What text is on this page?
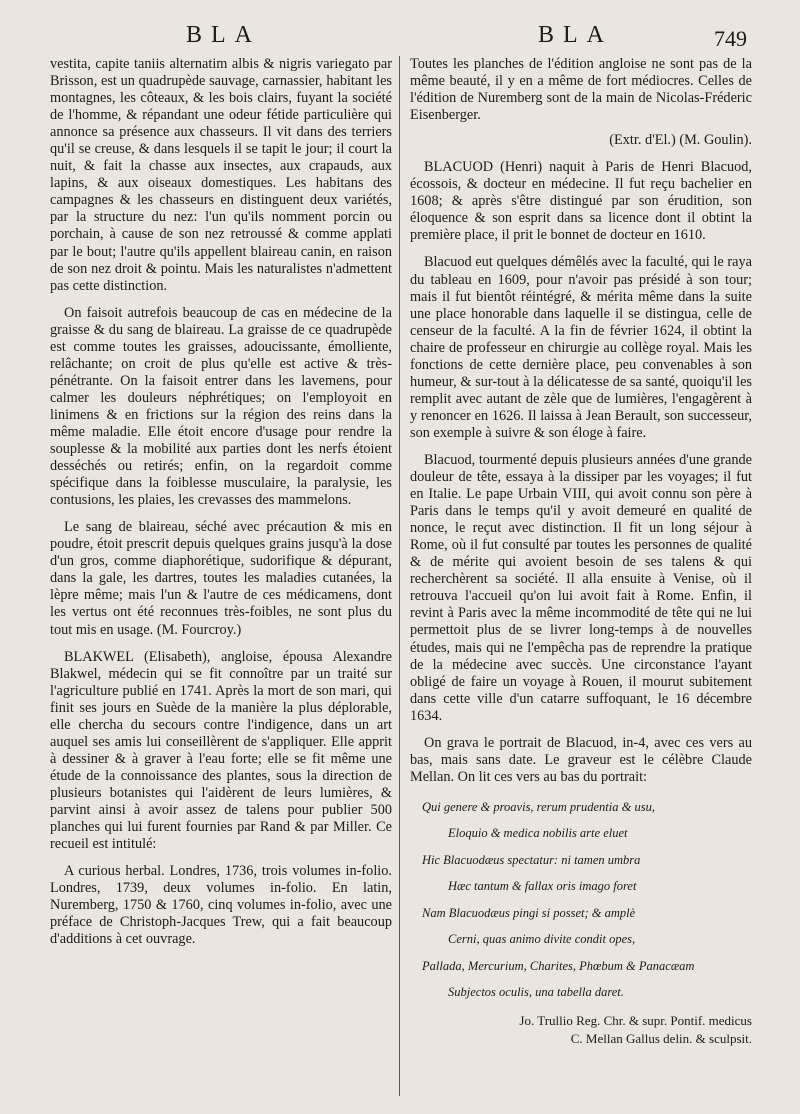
BLA	BLA	749

vestita, capite taniis alternatim albis & nigris variegato par Brisson, est un quadrupède sauvage, carnassier, habitant les montagnes, les côteaux, & les bois clairs, fuyant la société de l'homme, & répandant une odeur fétide particulière qui annonce sa présence aux chasseurs. Il vit dans des terriers qu'il se creuse, & dans lesquels il se tapit le jour; il court la nuit, & fait la chasse aux insectes, aux crapauds, aux lapins, & aux oiseaux domestiques. Les habitans des campagnes & les chasseurs en distinguent deux variétés, par la structure du nez: l'un qu'ils nomment porcin ou porchain, à cause de son nez retroussé & comme applati par le bout; l'autre qu'ils appellent blaireau canin, en raison de son nez droit & pointu. Mais les naturalistes n'admettent pas cette distinction.

On faisoit autrefois beaucoup de cas en médecine de la graisse & du sang de blaireau. La graisse de ce quadrupède est comme toutes les graisses, adoucissante, émolliente, relâchante; on croit de plus qu'elle est active & très-pénétrante. On la faisoit entrer dans les lavemens, pour calmer les douleurs néphrétiques; on l'employoit en linimens & en frictions sur la région des reins dans la même maladie. Elle étoit encore d'usage pour rendre la souplesse & la mobilité aux parties dont les nerfs étoient desséchés ou retirés; enfin, on la regardoit comme spécifique dans la foiblesse musculaire, la paralysie, les contusions, les plaies, les crevasses des mammelons.

Le sang de blaireau, séché avec précaution & mis en poudre, étoit prescrit depuis quelques grains jusqu'à la dose d'un gros, comme diaphorétique, sudorifique & dépurant, dans la gale, les dartres, toutes les maladies cutanées, la lèpre même; mais l'un & l'autre de ces médicamens, dont les vertus ont été reconnues très-foibles, ne sont plus du tout mis en usage. (M. Fourcroy.)

BLAKWEL (Elisabeth), angloise, épousa Alexandre Blakwel, médecin qui se fit connoître par un traité sur l'agriculture publié en 1741. Après la mort de son mari, qui finit ses jours en Suède de la manière la plus déplorable, elle chercha du secours contre l'indigence, dans un art auquel ses amis lui conseillèrent de s'appliquer. Elle apprit à dessiner & à graver à l'eau forte; elle se fit même une étude de la connoissance des plantes, sous la direction de plusieurs botanistes qui l'aidèrent de leurs lumières, & parvint ainsi à avoir assez de talens pour publier 500 planches qui lui furent fournies par Rand & par Miller. Ce recueil est intitulé:

A curious herbal. Londres, 1736, trois volumes in-folio. Londres, 1739, deux volumes in-folio. En latin, Nuremberg, 1750 & 1760, cinq volumes in-folio, avec une préface de Christoph-Jacques Trew, qui a fait beaucoup d'additions à cet ouvrage.

Toutes les planches de l'édition angloise ne sont pas de la même beauté, il y en a même de fort médiocres. Celles de l'édition de Nuremberg sont de la main de Nicolas-Fréderic Eisenberger.

(Extr. d'El.) (M. Goulin).

BLACUOD (Henri) naquit à Paris de Henri Blacuod, écossois, & docteur en médecine. Il fut reçu bachelier en 1608; & après s'être distingué par son érudition, son éloquence & son esprit dans sa licence dont il obtint la première place, il prit le bonnet de docteur en 1610.

Blacuod eut quelques démêlés avec la faculté, qui le raya du tableau en 1609, pour n'avoir pas présidé à son tour; mais il fut bientôt réintégré, & mérita même dans la suite une place honorable dans laquelle il se distingua, celle de censeur de la faculté. A la fin de février 1624, il obtint la chaire de professeur en chirurgie au collège royal. Mais les fonctions de cette dernière place, peu convenables à son humeur, & sur-tout à la délicatesse de sa santé, quoiqu'il les remplit avec autant de zèle que de lumières, l'engagèrent à y renoncer en 1626. Il laissa à Jean Berault, son successeur, son exemple à suivre & son éloge à faire.

Blacuod, tourmenté depuis plusieurs années d'une grande douleur de tête, essaya à la dissiper par les voyages; il fut en Italie. Le pape Urbain VIII, qui avoit connu son père à Paris dans le temps qu'il y avoit demeuré en qualité de nonce, le reçut avec distinction. Il fit un long séjour à Rome, où il fut consulté par toutes les personnes de qualité & de mérite qui avoient besoin de ses talens & qui recherchèrent sa société. Il alla ensuite à Venise, où il retrouva l'accueil qu'on lui avoit fait à Rome. Enfin, il revint à Paris avec la même incommodité de tête qui ne lui permettoit plus de se livrer long-temps à de nouvelles études, mais qui ne l'empêcha pas de reprendre la pratique de la médecine avec succès. Une circonstance l'ayant obligé de faire un voyage à Rouen, il mourut subitement dans cette ville d'un catarre suffoquant, le 16 décembre 1634.

On grava le portrait de Blacuod, in-4, avec ces vers au bas, mais sans date. Le graveur est le célèbre Claude Mellan. On lit ces vers au bas du portrait:

Qui genere & proavis, rerum prudentia & usu,

Eloquio & medica nobilis arte eluet

Hic Blacuodæus spectatur: ni tamen umbra

Hæc tantum & fallax oris imago foret

Nam Blacuodæus pingi si posset; & amplè

Cerni, quas animo divite condit opes,

Pallada, Mercurium, Charites, Phœbum & Panacæam

Subjectos oculis, una tabella daret.

Jo. Trullio Reg. Chr. & supr. Pontif. medicus
C. Mellan Gallus delin. & sculpsit.
